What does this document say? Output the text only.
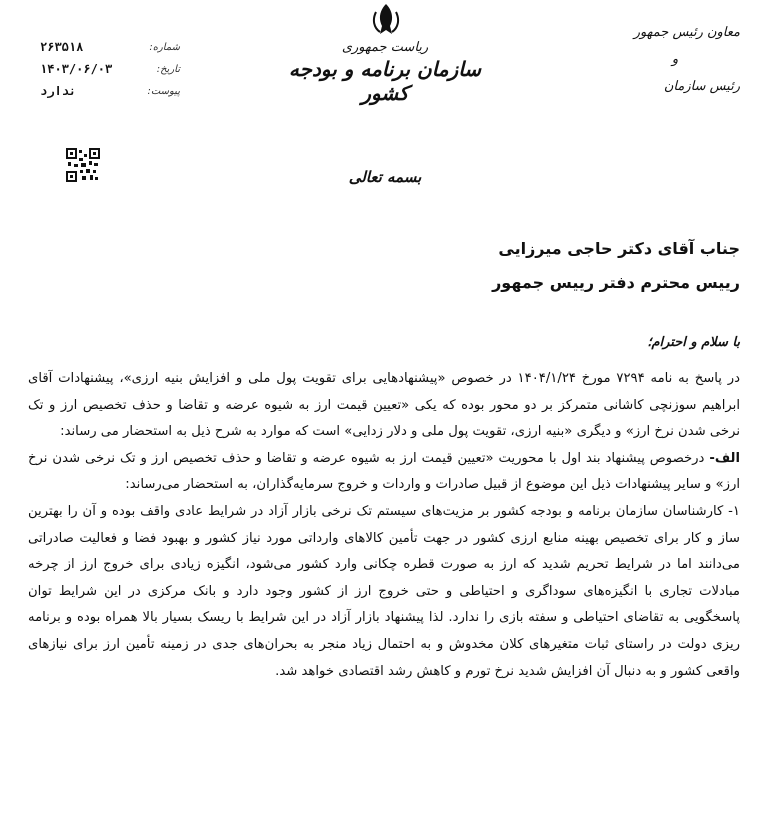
شماره:
۲۶۳۵۱۸
تاریخ:
۱۴۰۳/۰۶/۰۳
پیوست:
ندارد
ریاست جمهوری
سازمان برنامه و بودجه کشور
معاون رئیس جمهور
و
رئیس سازمان
بسمه تعالی
جناب آقای دکتر حاجی میرزایی
رییس محترم دفتر رییس جمهور
با سلام و احترام؛

در پاسخ به نامه ۷۲۹۴ مورخ ۱۴۰۴/۱/۲۴ در خصوص «پیشنهادهایی برای تقویت پول ملی و افزایش بنیه ارزی»، پیشنهادات آقای ابراهیم سوزنچی کاشانی متمرکز بر دو محور بوده که یکی «تعیین قیمت ارز به شیوه عرضه و تقاضا و حذف تخصیص ارز و تک نرخی شدن نرخ ارز» و دیگری «بنیه ارزی، تقویت پول ملی و دلار زدایی» است که موارد به شرح ذیل به استحضار می رساند:

الف- درخصوص پیشنهاد بند اول با محوریت «تعیین قیمت ارز به شیوه عرضه و تقاضا و حذف تخصیص ارز و تک نرخی شدن نرخ ارز» و سایر پیشنهادات ذیل این موضوع از قبیل صادرات و واردات و خروج سرمایه‌گذاران، به استحضار می‌رساند:

۱- کارشناسان سازمان برنامه و بودجه کشور بر مزیت‌های سیستم تک نرخی بازار آزاد در شرایط عادی واقف بوده و آن را بهترین ساز و کار برای تخصیص بهینه منابع ارزی کشور در جهت تأمین کالاهای وارداتی مورد نیاز کشور و بهبود فضا و فعالیت صادراتی می‌دانند اما در شرایط تحریم شدید که ارز به صورت قطره چکانی وارد کشور می‌شود، انگیزه زیادی برای خروج ارز از چرخه مبادلات تجاری با انگیزه‌های سوداگری و احتیاطی و حتی خروج ارز از کشور وجود دارد و بانک مرکزی در این شرایط توان پاسخگویی به تقاضای احتیاطی و سفته بازی را ندارد. لذا پیشنهاد بازار آزاد در این شرایط با ریسک بسیار بالا همراه بوده و برنامه ریزی دولت در راستای ثبات متغیرهای کلان مخدوش و به احتمال زیاد منجر به بحران‌های جدی در زمینه تأمین ارز برای نیازهای واقعی کشور و به دنبال آن افزایش شدید نرخ تورم و کاهش رشد اقتصادی خواهد شد.
